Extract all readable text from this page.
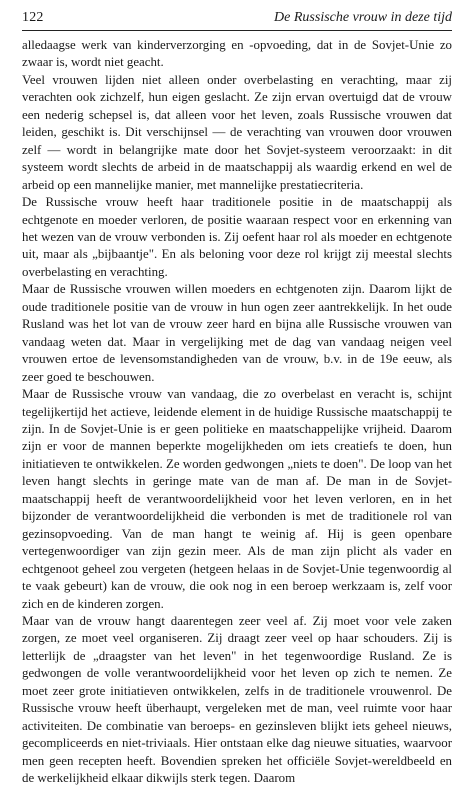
122	De Russische vrouw in deze tijd

alledaagse werk van kinderverzorging en -opvoeding, dat in de Sovjet-Unie zo zwaar is, wordt niet geacht.

Veel vrouwen lijden niet alleen onder overbelasting en verachting, maar zij verachten ook zichzelf, hun eigen geslacht. Ze zijn ervan overtuigd dat de vrouw een nederig schepsel is, dat alleen voor het leven, zoals Russische vrouwen dat leiden, geschikt is. Dit verschijnsel — de verachting van vrouwen door vrouwen zelf — wordt in belangrijke mate door het Sovjet-systeem veroorzaakt: in dit systeem wordt slechts de arbeid in de maatschappij als waardig erkend en wel de arbeid op een mannelijke manier, met mannelijke prestatiecriteria.

De Russische vrouw heeft haar traditionele positie in de maatschappij als echtgenote en moeder verloren, de positie waaraan respect voor en erkenning van het wezen van de vrouw verbonden is. Zij oefent haar rol als moeder en echtgenote uit, maar als „bijbaantje". En als beloning voor deze rol krijgt zij meestal slechts overbelasting en verachting.

Maar de Russische vrouwen willen moeders en echtgenoten zijn. Daarom lijkt de oude traditionele positie van de vrouw in hun ogen zeer aantrekkelijk. In het oude Rusland was het lot van de vrouw zeer hard en bijna alle Russische vrouwen van vandaag weten dat. Maar in vergelijking met de dag van vandaag neigen veel vrouwen ertoe de levensomstandigheden van de vrouw, b.v. in de 19e eeuw, als zeer goed te beschouwen.

Maar de Russische vrouw van vandaag, die zo overbelast en veracht is, schijnt tegelijkertijd het actieve, leidende element in de huidige Russische maatschappij te zijn. In de Sovjet-Unie is er geen politieke en maatschappelijke vrijheid. Daarom zijn er voor de mannen beperkte mogelijkheden om iets creatiefs te doen, hun initiatieven te ontwikkelen. Ze worden gedwongen „niets te doen". De loop van het leven hangt slechts in geringe mate van de man af. De man in de Sovjet-maatschappij heeft de verantwoordelijkheid voor het leven verloren, en in het bijzonder de verantwoordelijkheid die verbonden is met de traditionele rol van gezinsopvoeding. Van de man hangt te weinig af. Hij is geen openbare vertegenwoordiger van zijn gezin meer. Als de man zijn plicht als vader en echtgenoot geheel zou vergeten (hetgeen helaas in de Sovjet-Unie tegenwoordig al te vaak gebeurt) kan de vrouw, die ook nog in een beroep werkzaam is, zelf voor zich en de kinderen zorgen.

Maar van de vrouw hangt daarentegen zeer veel af. Zij moet voor vele zaken zorgen, ze moet veel organiseren. Zij draagt zeer veel op haar schouders. Zij is letterlijk de „draagster van het leven" in het tegenwoordige Rusland. Ze is gedwongen de volle verantwoordelijkheid voor het leven op zich te nemen. Ze moet zeer grote initiatieven ontwikkelen, zelfs in de traditionele vrouwenrol. De Russische vrouw heeft überhaupt, vergeleken met de man, veel ruimte voor haar activiteiten. De combinatie van beroeps- en gezinsleven blijkt iets geheel nieuws, gecompliceerds en niet-triviaals. Hier ontstaan elke dag nieuwe situaties, waarvoor men geen recepten heeft. Bovendien spreken het officiële Sovjet-wereldbeeld en de werkelijkheid elkaar dikwijls sterk tegen. Daarom
